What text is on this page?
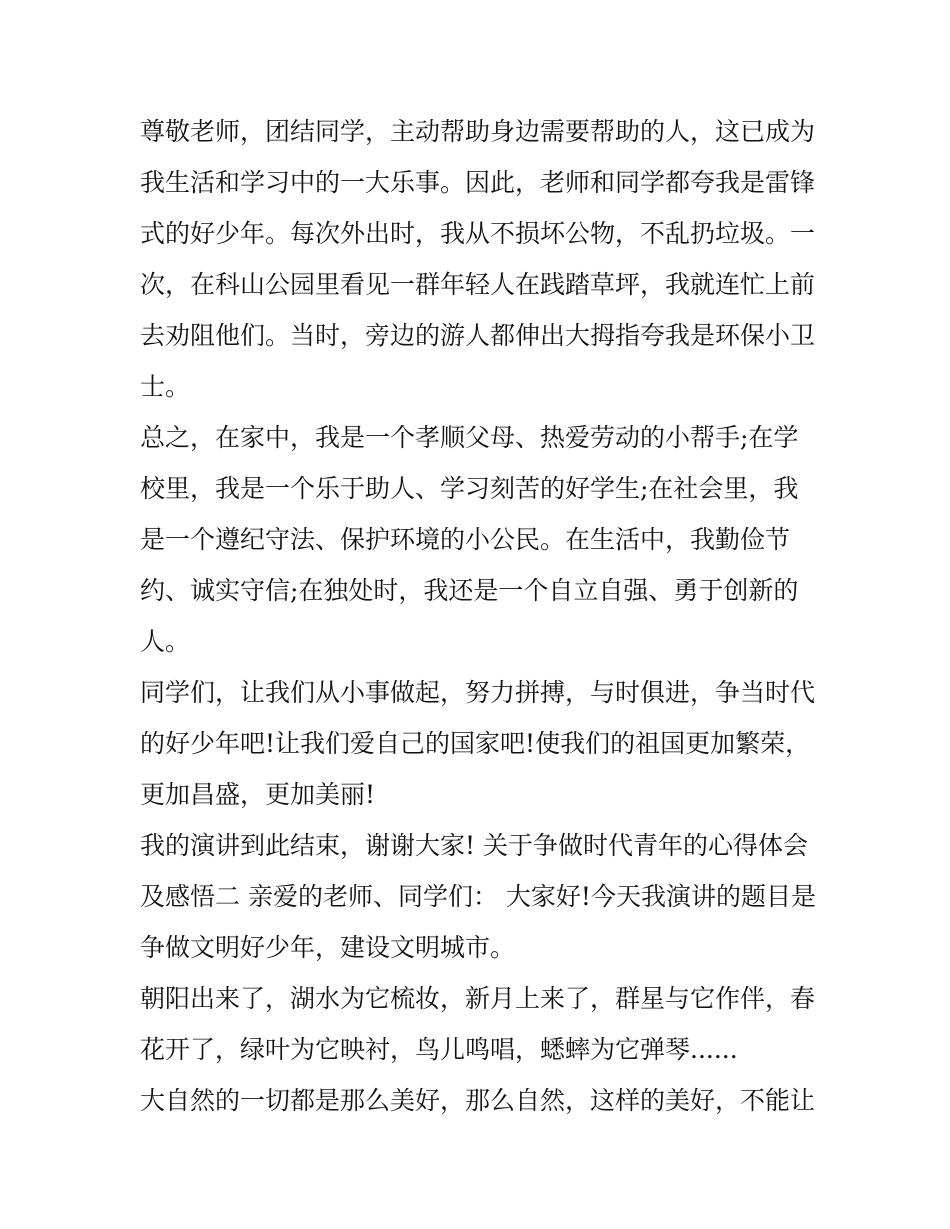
尊敬老师，团结同学，主动帮助身边需要帮助的人，这已成为
我生活和学习中的一大乐事。因此，老师和同学都夸我是雷锋
式的好少年。每次外出时，我从不损坏公物，不乱扔垃圾。一
次，在科山公园里看见一群年轻人在践踏草坪，我就连忙上前
去劝阻他们。当时，旁边的游人都伸出大拇指夸我是环保小卫
士。
总之，在家中，我是一个孝顺父母、热爱劳动的小帮手;在学
校里，我是一个乐于助人、学习刻苦的好学生;在社会里，我
是一个遵纪守法、保护环境的小公民。在生活中，我勤俭节
约、诚实守信;在独处时，我还是一个自立自强、勇于创新的
人。
同学们，让我们从小事做起，努力拼搏，与时俱进，争当时代
的好少年吧!让我们爱自己的国家吧!使我们的祖国更加繁荣，
更加昌盛，更加美丽!
我的演讲到此结束，谢谢大家! 关于争做时代青年的心得体会
及感悟二 亲爱的老师、同学们： 大家好!今天我演讲的题目是
争做文明好少年，建设文明城市。
朝阳出来了，湖水为它梳妆，新月上来了，群星与它作伴，春
花开了，绿叶为它映衬，鸟儿鸣唱，蟋蟀为它弹琴......
大自然的一切都是那么美好，那么自然，这样的美好，不能让
